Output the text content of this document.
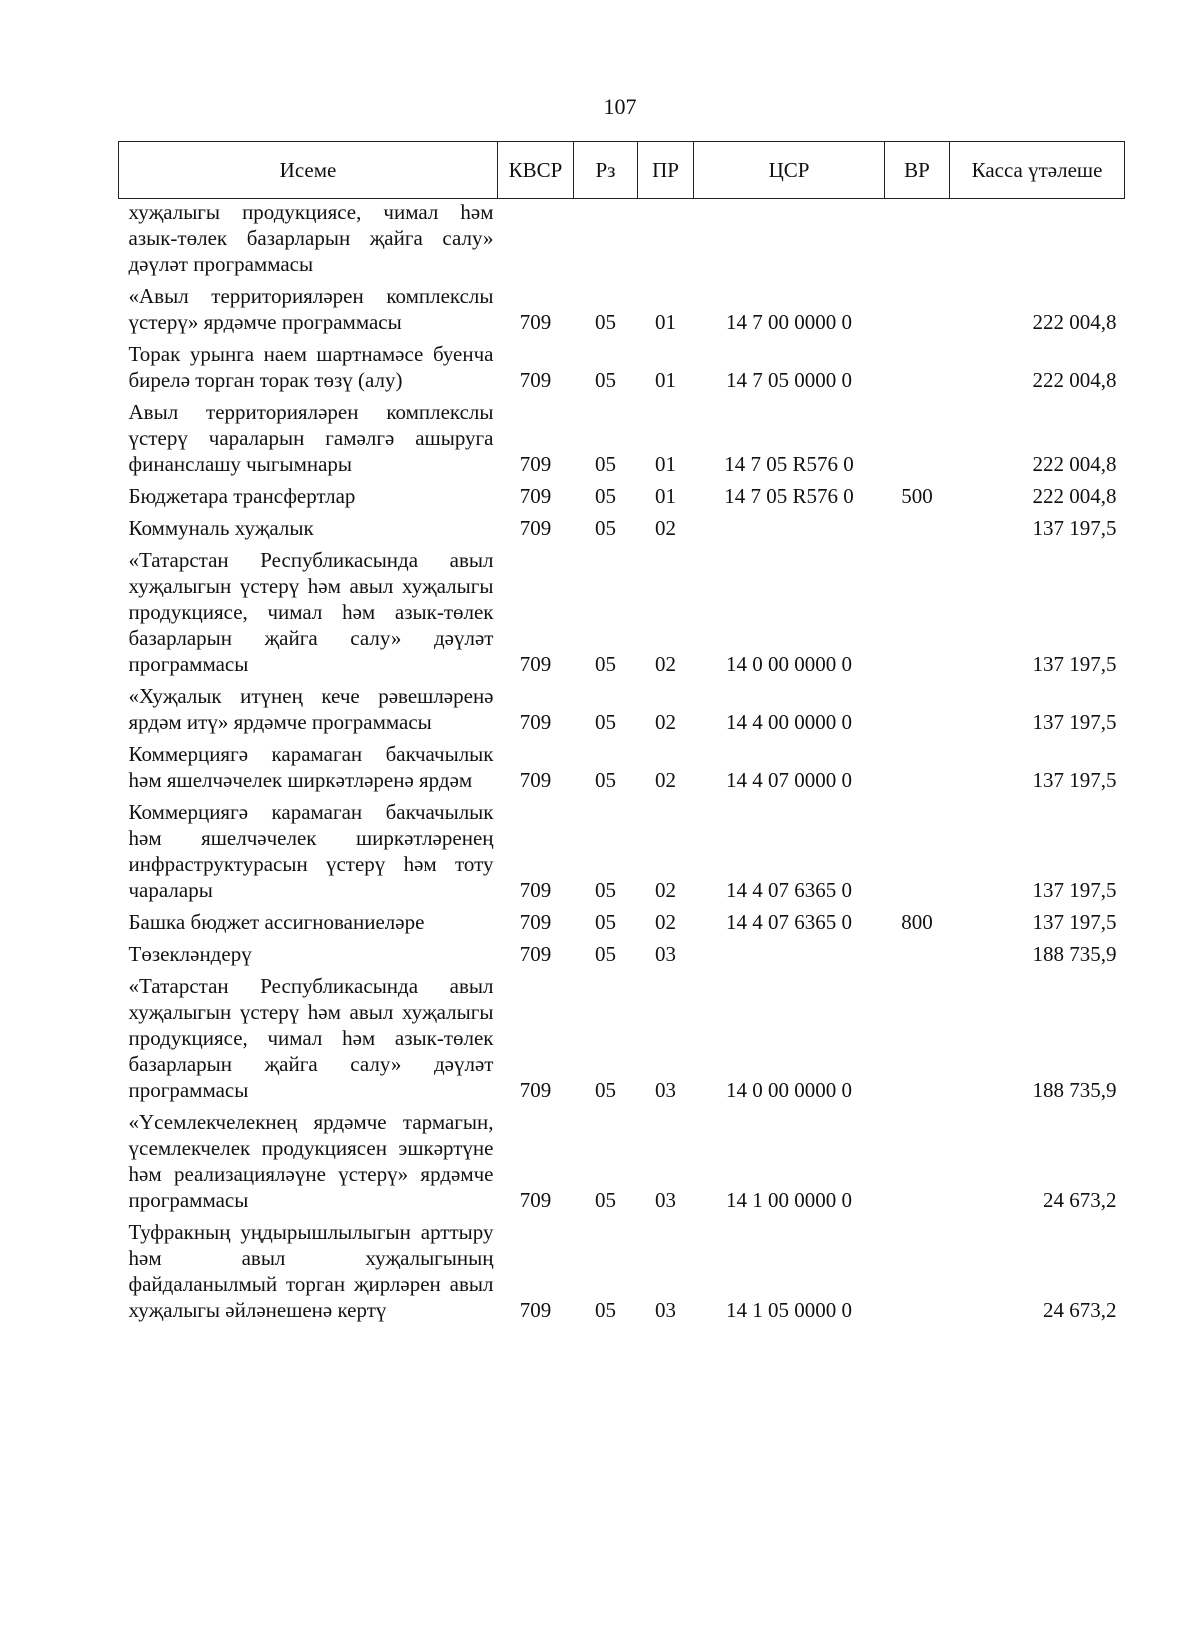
107
Исеме	КВСР	Рз	ПР	ЦСР	ВР	Касса үтәлеше
хуҗалыгы продукциясе, чимал һәм азык-төлек базарларын җайга салу» дәүләт программасы						
«Авыл территорияләрен комплекслы үстерү» ярдәмче программасы	709	05	01	14 7 00 0000 0		222 004,8
Торак урынга наем шартнамәсе буенча бирелә торган торак төзү (алу)	709	05	01	14 7 05 0000 0		222 004,8
Авыл территорияләрен комплекслы үстерү чараларын гамәлгә ашыруга финанслашу чыгымнары	709	05	01	14 7 05 R576 0		222 004,8
Бюджетара трансфертлар	709	05	01	14 7 05 R576 0	500	222 004,8
Коммуналь хуҗалык	709	05	02			137 197,5
«Татарстан Республикасында авыл хуҗалыгын үстерү һәм авыл хуҗалыгы продукциясе, чимал һәм азык-төлек базарларын җайга салу» дәүләт программасы	709	05	02	14 0 00 0000 0		137 197,5
«Хуҗалык итүнең кече рәвешләренә ярдәм итү» ярдәмче программасы	709	05	02	14 4 00 0000 0		137 197,5
Коммерциягә карамаган бакчачылык һәм яшелчәчелек ширкәтләренә ярдәм	709	05	02	14 4 07 0000 0		137 197,5
Коммерциягә карамаган бакчачылык һәм яшелчәчелек ширкәтләренең инфраструктурасын үстерү һәм тоту чаралары	709	05	02	14 4 07 6365 0		137 197,5
Башка бюджет ассигнованиеләре	709	05	02	14 4 07 6365 0	800	137 197,5
Төзекләндерү	709	05	03			188 735,9
«Татарстан Республикасында авыл хуҗалыгын үстерү һәм авыл хуҗалыгы продукциясе, чимал һәм азык-төлек базарларын җайга салу» дәүләт программасы	709	05	03	14 0 00 0000 0		188 735,9
«Үсемлекчелекнең ярдәмче тармагын, үсемлекчелек продукциясен эшкәртүне һәм реализацияләүне үстерү» ярдәмче программасы	709	05	03	14 1 00 0000 0		24 673,2
Туфракның уңдырышлылыгын арттыру һәм авыл хуҗалыгының файдаланылмый торган җирләрен авыл хуҗалыгы әйләнешенә кертү	709	05	03	14 1 05 0000 0		24 673,2
